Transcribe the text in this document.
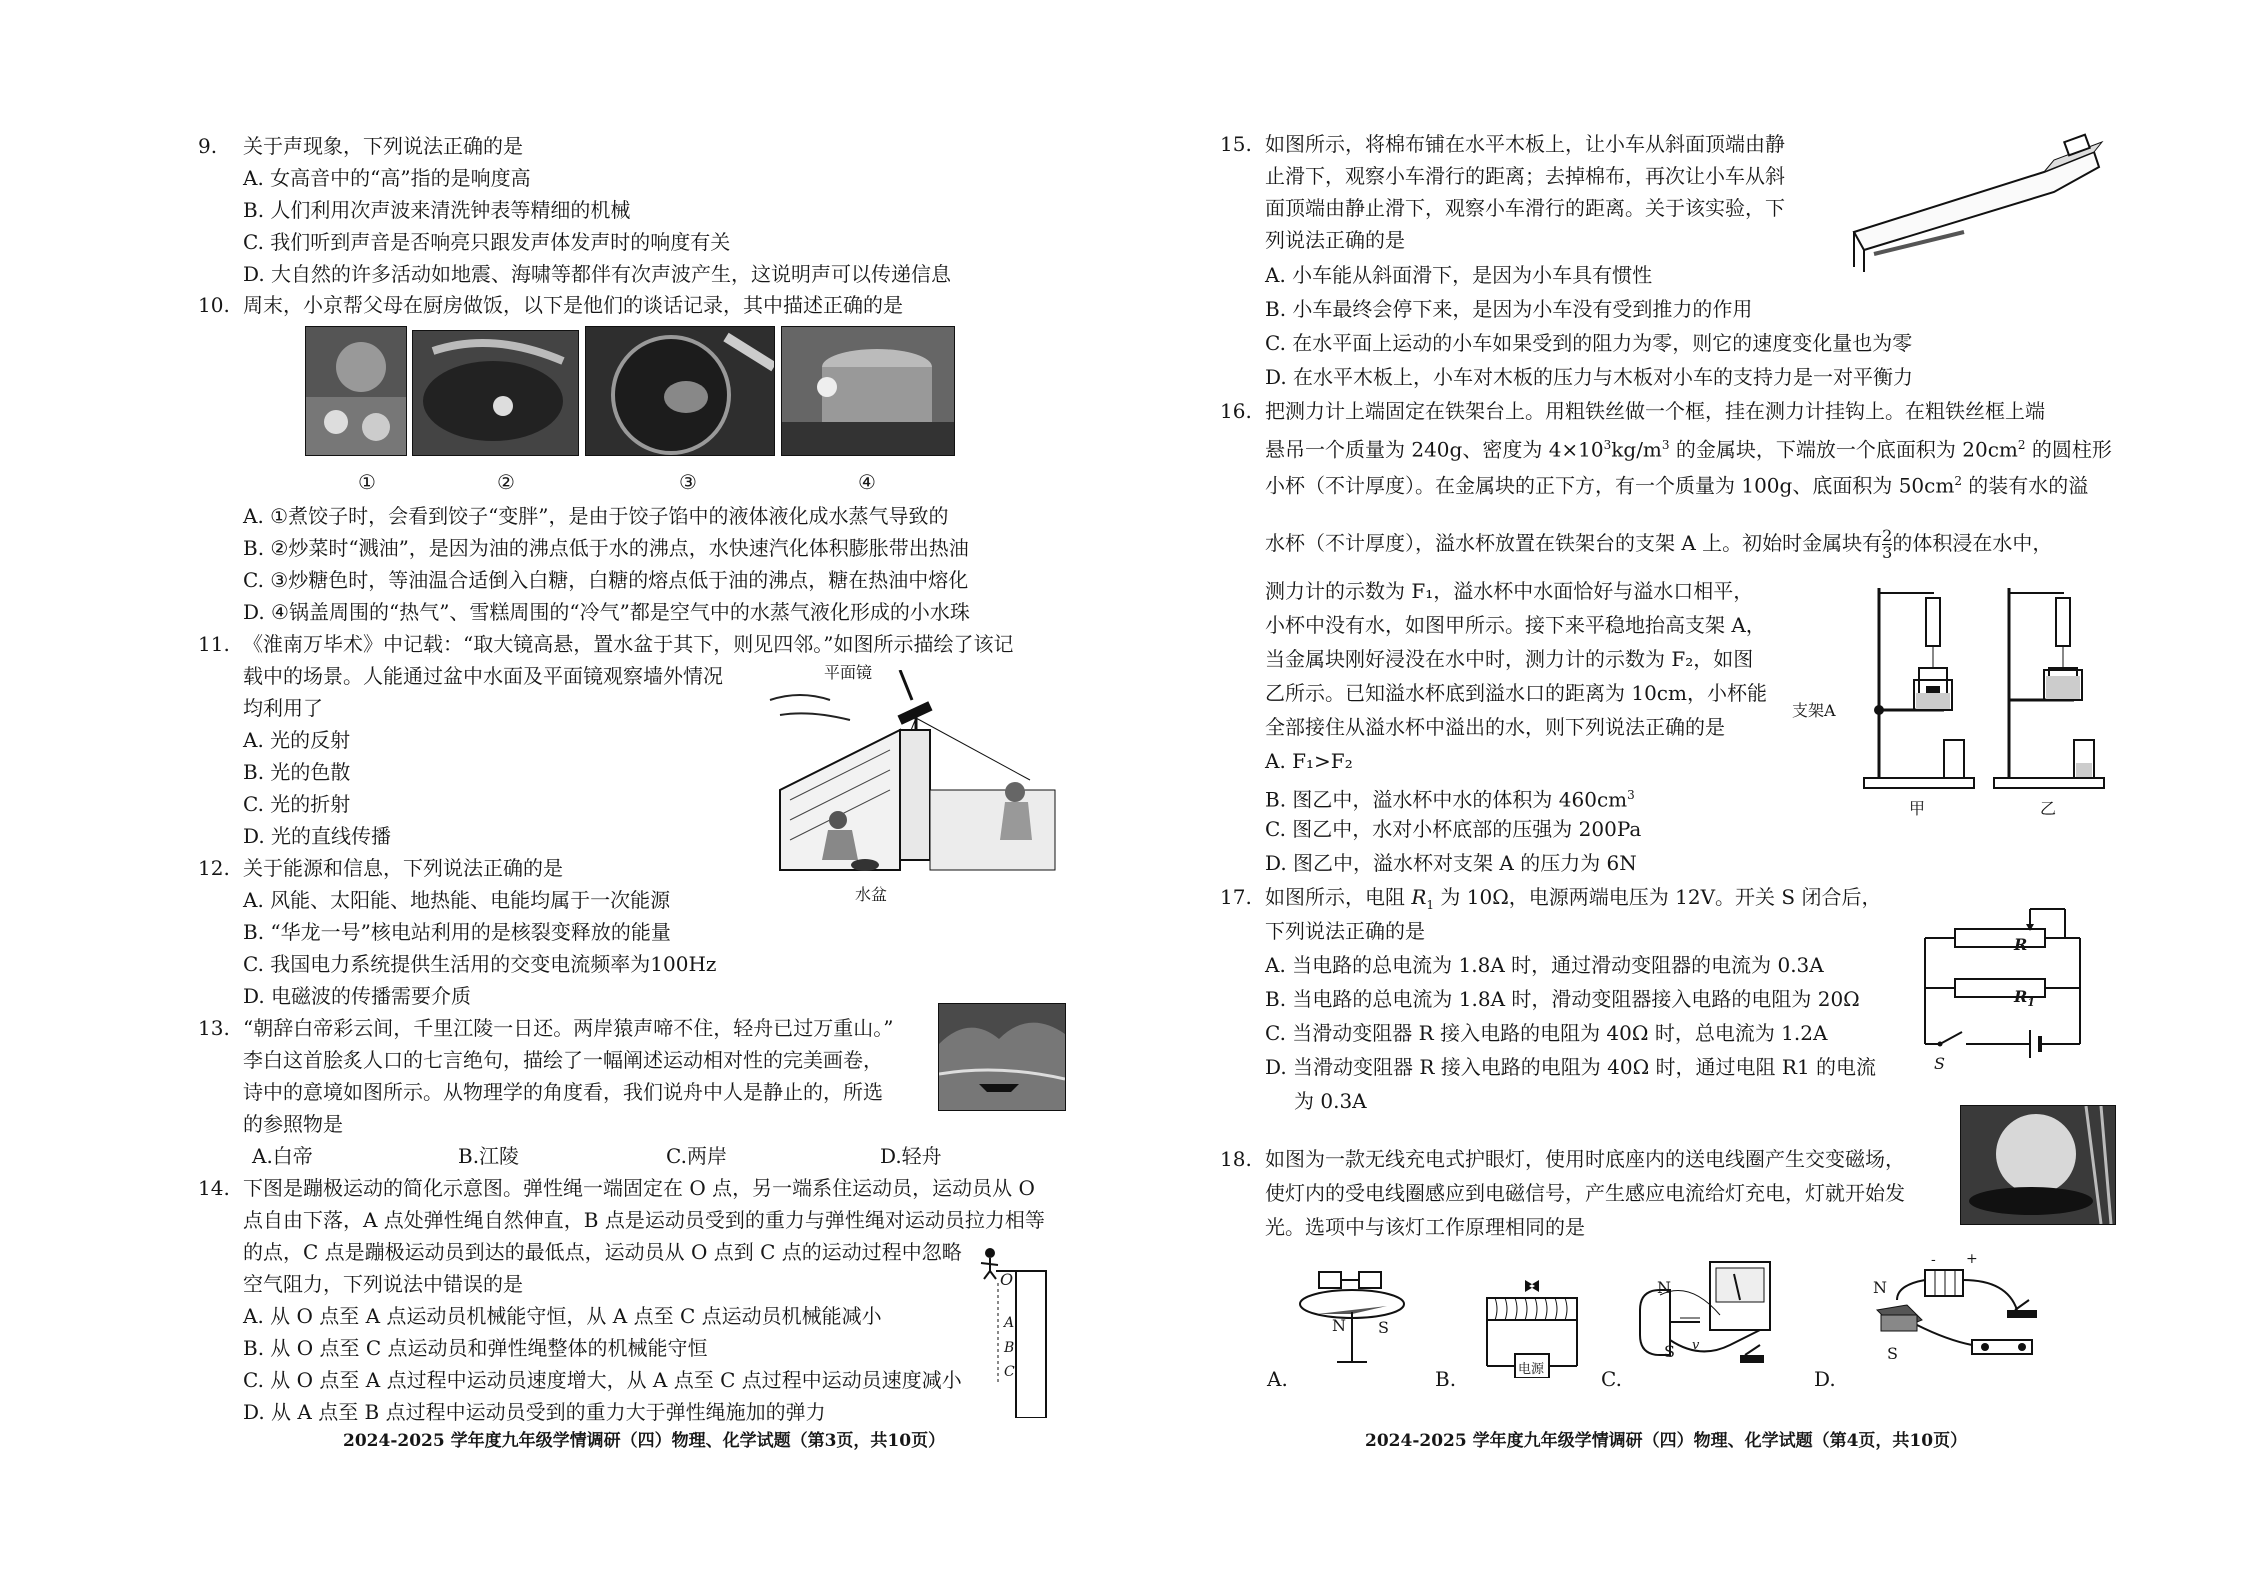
9. 关于声现象，下列说法正确的是
A. 女高音中的“高”指的是响度高
B. 人们利用次声波来清洗钟表等精细的机械
C. 我们听到声音是否响亮只跟发声体发声时的响度有关
D. 大自然的许多活动如地震、海啸等都伴有次声波产生，这说明声可以传递信息
10. 周末，小京帮父母在厨房做饭，以下是他们的谈话记录，其中描述正确的是
①	②	③	④
A. ①煮饺子时，会看到饺子“变胖”，是由于饺子馅中的液体液化成水蒸气导致的
B. ②炒菜时“溅油”，是因为油的沸点低于水的沸点，水快速汽化体积膨胀带出热油
C. ③炒糖色时，等油温合适倒入白糖，白糖的熔点低于油的沸点，糖在热油中熔化
D. ④锅盖周围的“热气”、雪糕周围的“冷气”都是空气中的水蒸气液化形成的小水珠
11. 《淮南万毕术》中记载：“取大镜高悬，置水盆于其下，则见四邻。”如图所示描绘了该记
载中的场景。人能通过盆中水面及平面镜观察墙外情况
均利用了
A. 光的反射
B. 光的色散
C. 光的折射
D. 光的直线传播
平面镜
水盆
12. 关于能源和信息，下列说法正确的是
A. 风能、太阳能、地热能、电能均属于一次能源
B. “华龙一号”核电站利用的是核裂变释放的能量
C. 我国电力系统提供生活用的交变电流频率为100Hz
D. 电磁波的传播需要介质
13. “朝辞白帝彩云间，千里江陵一日还。两岸猿声啼不住，轻舟已过万重山。”
李白这首脍炙人口的七言绝句，描绘了一幅阐述运动相对性的完美画卷，
诗中的意境如图所示。从物理学的角度看，我们说舟中人是静止的，所选
的参照物是
A.白帝	B.江陵	C.两岸	D.轻舟
14. 下图是蹦极运动的简化示意图。弹性绳一端固定在 O 点，另一端系住运动员，运动员从 O
点自由下落，A 点处弹性绳自然伸直，B 点是运动员受到的重力与弹性绳对运动员拉力相等
的点，C 点是蹦极运动员到达的最低点，运动员从 O 点到 C 点的运动过程中忽略
空气阻力，下列说法中错误的是
A. 从 O 点至 A 点运动员机械能守恒，从 A 点至 C 点运动员机械能减小
B. 从 O 点至 C 点运动员和弹性绳整体的机械能守恒
C. 从 O 点至 A 点过程中运动员速度增大，从 A 点至 C 点过程中运动员速度减小
D. 从 A 点至 B 点过程中运动员受到的重力大于弹性绳施加的弹力
O
A
B
C
2024-2025 学年度九年级学情调研（四）物理、化学试题（第3页，共10页）
15. 如图所示，将棉布铺在水平木板上，让小车从斜面顶端由静
止滑下，观察小车滑行的距离；去掉棉布，再次让小车从斜
面顶端由静止滑下，观察小车滑行的距离。关于该实验，下
列说法正确的是
A. 小车能从斜面滑下，是因为小车具有惯性
B. 小车最终会停下来，是因为小车没有受到推力的作用
C. 在水平面上运动的小车如果受到的阻力为零，则它的速度变化量也为零
D. 在水平木板上，小车对木板的压力与木板对小车的支持力是一对平衡力
16. 把测力计上端固定在铁架台上。用粗铁丝做一个框，挂在测力计挂钩上。在粗铁丝框上端
悬吊一个质量为 240g、密度为 $4\times 10^3kg/m^3$ 的金属块，下端放一个底面积为 $20cm^2$ 的圆柱形
小杯（不计厚度）。在金属块的正下方，有一个质量为 100g、底面积为 $50cm^2$ 的装有水的溢
水杯（不计厚度），溢水杯放置在铁架台的支架 A 上。初始时金属块有 $\frac{2}{3}$ 的体积浸在水中，
测力计的示数为 F₁，溢水杯中水面恰好与溢水口相平，
小杯中没有水，如图甲所示。接下来平稳地抬高支架 A，
当金属块刚好浸没在水中时，测力计的示数为 F₂，如图
乙所示。已知溢水杯底到溢水口的距离为 10cm，小杯能
全部接住从溢水杯中溢出的水，则下列说法正确的是
A. F₁>F₂
B. 图乙中，溢水杯中水的体积为 $460cm^3$
C. 图乙中，水对小杯底部的压强为 200Pa
D. 图乙中，溢水杯对支架 A 的压力为 6N
支架A
甲	乙
17. 如图所示，电阻 $R_1$ 为 10Ω，电源两端电压为 12V。开关 S 闭合后，
下列说法正确的是
A. 当电路的总电流为 1.8A 时，通过滑动变阻器的电流为 0.3A
B. 当电路的总电流为 1.8A 时，滑动变阻器接入电路的电阻为 20Ω
C. 当滑动变阻器 R 接入电路的电阻为 40Ω 时，总电流为 1.2A
D. 当滑动变阻器 R 接入电路的电阻为 40Ω 时，通过电阻 R1 的电流
为 0.3A
R
$R_1$
S
18. 如图为一款无线充电式护眼灯，使用时底座内的送电线圈产生交变磁场，
使灯内的受电线圈感应到电磁信号，产生感应电流给灯充电，灯就开始发
光。选项中与该灯工作原理相同的是
N S
电源
N
S v
N
S
- +
A.	B.	C.	D.
2024-2025 学年度九年级学情调研（四）物理、化学试题（第4页，共10页）
